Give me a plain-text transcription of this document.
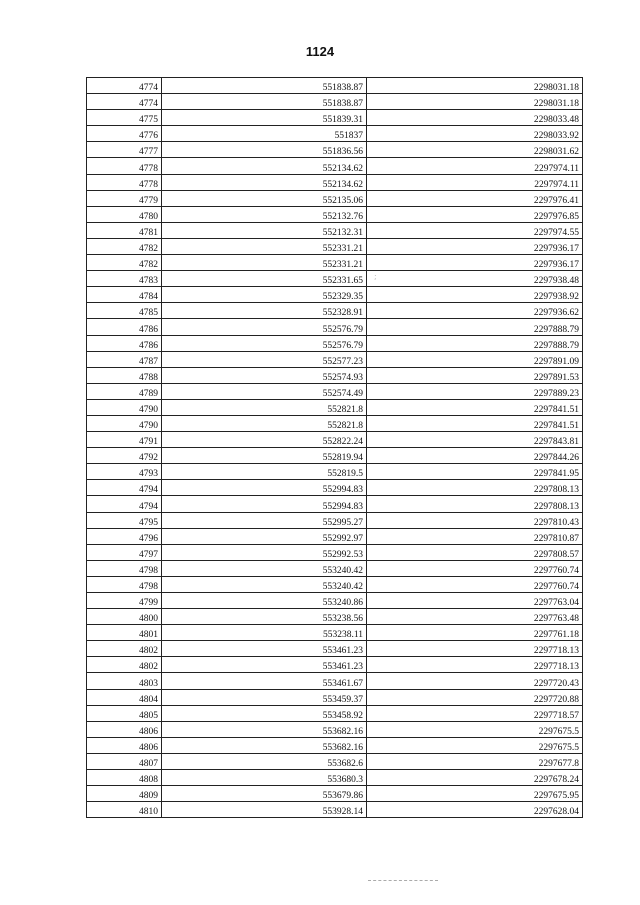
1124
4774	551838.87	2298031.18
4774	551838.87	2298031.18
4775	551839.31	2298033.48
4776	551837	2298033.92
4777	551836.56	2298031.62
4778	552134.62	2297974.11
4778	552134.62	2297974.11
4779	552135.06	2297976.41
4780	552132.76	2297976.85
4781	552132.31	2297974.55
4782	552331.21	2297936.17
4782	552331.21	2297936.17
4783	552331.65	2297938.48
4784	552329.35	2297938.92
4785	552328.91	2297936.62
4786	552576.79	2297888.79
4786	552576.79	2297888.79
4787	552577.23	2297891.09
4788	552574.93	2297891.53
4789	552574.49	2297889.23
4790	552821.8	2297841.51
4790	552821.8	2297841.51
4791	552822.24	2297843.81
4792	552819.94	2297844.26
4793	552819.5	2297841.95
4794	552994.83	2297808.13
4794	552994.83	2297808.13
4795	552995.27	2297810.43
4796	552992.97	2297810.87
4797	552992.53	2297808.57
4798	553240.42	2297760.74
4798	553240.42	2297760.74
4799	553240.86	2297763.04
4800	553238.56	2297763.48
4801	553238.11	2297761.18
4802	553461.23	2297718.13
4802	553461.23	2297718.13
4803	553461.67	2297720.43
4804	553459.37	2297720.88
4805	553458.92	2297718.57
4806	553682.16	2297675.5
4806	553682.16	2297675.5
4807	553682.6	2297677.8
4808	553680.3	2297678.24
4809	553679.86	2297675.95
4810	553928.14	2297628.04
;
